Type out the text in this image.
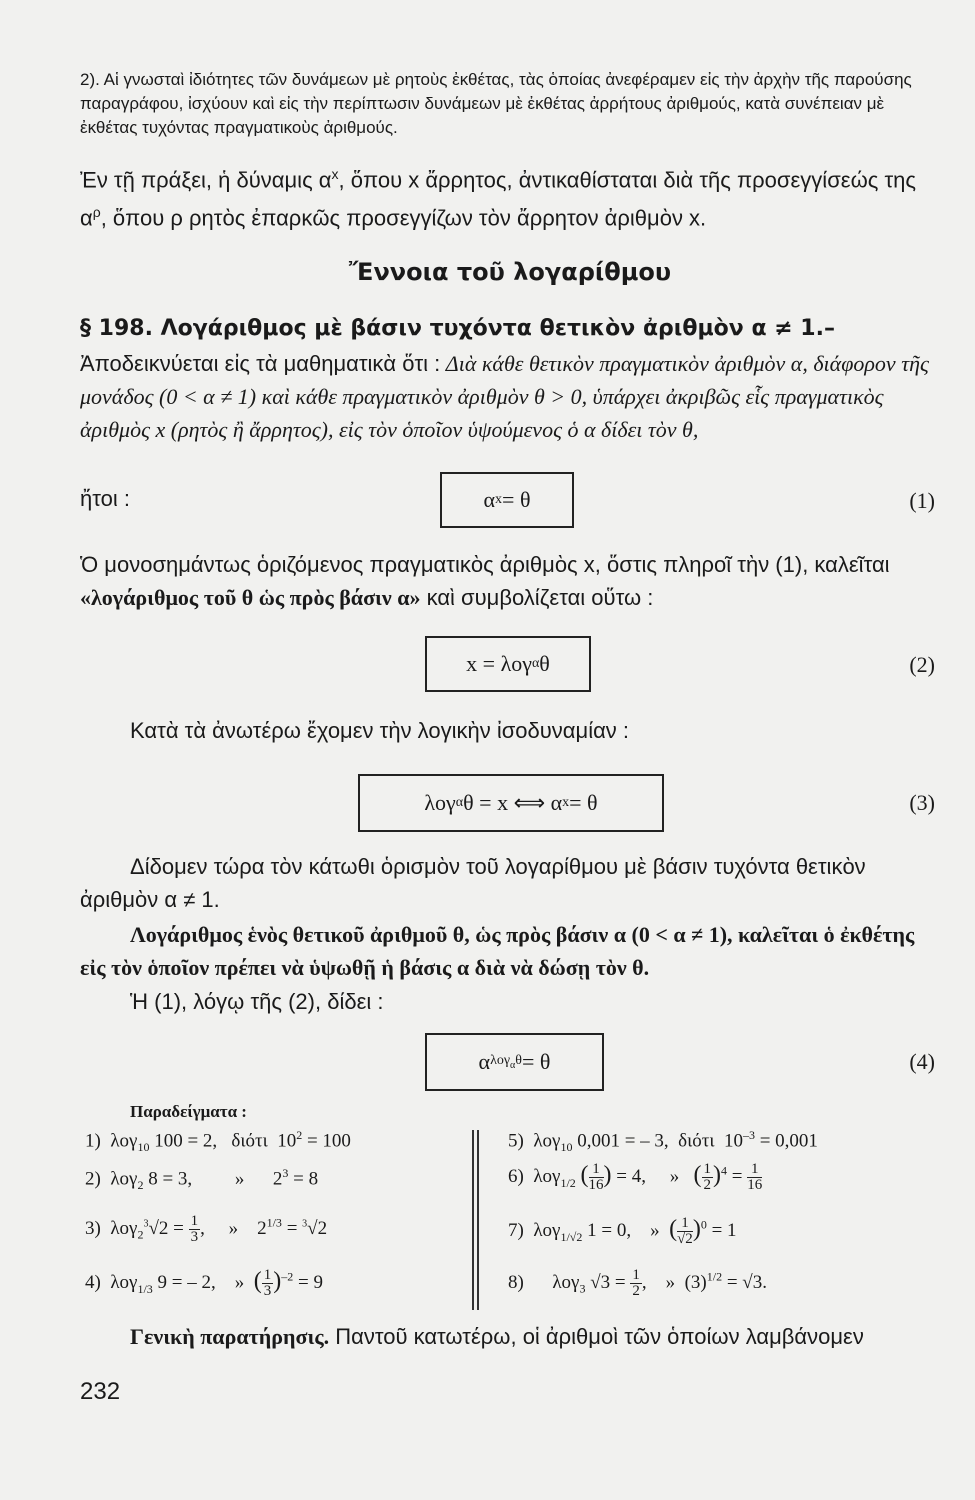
2). Αἱ γνωσταὶ ἰδιότητες τῶν δυνάμεων μὲ ρητοὺς ἐκθέτας, τὰς ὁποίας ἀνεφέραμεν εἰς τὴν ἀρχὴν τῆς παρούσης παραγράφου, ἰσχύουν καὶ εἰς τὴν περίπτωσιν δυνάμεων μὲ ἐκθέτας ἀρρήτους ἀριθμούς, κατὰ συνέπειαν μὲ ἐκθέτας τυχόντας πραγματικοὺς ἀριθμούς.
Ἐν τῇ πράξει, ἡ δύναμις $\alpha^x$, ὅπου x ἄρρητος, ἀντικαθίσταται διὰ τῆς προσεγγίσεώς της $\alpha^\rho$, ὅπου ρ ρητὸς ἐπαρκῶς προσεγγίζων τὸν ἄρρητον ἀριθμὸν x.
Ἔννοια τοῦ λογαρίθμου
§ 198. Λογάριθμος μὲ βάσιν τυχόντα θετικὸν ἀριθμὸν α ≠ 1.–
Ἀποδεικνύεται εἰς τὰ μαθηματικὰ ὅτι : Διὰ κάθε θετικὸν πραγματικὸν ἀριθμὸν α, διάφορον τῆς μονάδος (0 < α ≠ 1) καὶ κάθε πραγματικὸν ἀριθμὸν θ > 0, ὑπάρχει ἀκριβῶς εἷς πραγματικὸς ἀριθμὸς x (ρητὸς ἢ ἄρρητος), εἰς τὸν ὁποῖον ὑψούμενος ὁ α δίδει τὸν θ,
ἤτοι :	α x = θ	(1)
Ὁ μονοσημάντως ὁριζόμενος πραγματικὸς ἀριθμὸς x, ὅστις πληροῖ τὴν (1), καλεῖται «λογάριθμος τοῦ θ ὡς πρὸς βάσιν α» καὶ συμβολίζεται οὕτω :
x = λογ α θ	(2)
Κατὰ τὰ ἀνωτέρω ἔχομεν τὴν λογικὴν ἰσοδυναμίαν :
λογ α θ = x ⟺ α x = θ	(3)
Δίδομεν τώρα τὸν κάτωθι ὁρισμὸν τοῦ λογαρίθμου μὲ βάσιν τυχόντα θετικὸν ἀριθμὸν α ≠ 1.
Λογάριθμος ἑνὸς θετικοῦ ἀριθμοῦ θ, ὡς πρὸς βάσιν α (0 < α ≠ 1), καλεῖται ὁ ἐκθέτης εἰς τὸν ὁποῖον πρέπει νὰ ὑψωθῇ ἡ βάσις α διὰ νὰ δώσῃ τὸν θ.
Ἡ (1), λόγῳ τῆς (2), δίδει :
α λογ$_\alpha$θ = θ	(4)
Παραδείγματα :
1) λογ$_{10}$ 100 = 2, διότι $10^2 = 100$
2) λογ$_2$ 8 = 3, » $2^3 = 8$
3) $\lambda o\gamma_2^3√2 = \frac{1}{3}$ , » $2^{1/3} = ^3√2$
4) λογ$_{1/3}$ 9 = – 2, » ( $\frac{1}{3} )^{-2} = 9$
5) λογ$_{10}$ 0,001 = – 3, διότι $10^{-3} = 0,001$
6) λογ$_{1/2}$ ( $\frac{1}{16}$ ) = 4, » ( $\frac{1}{2} )^4 = \frac{1}{16}$
7) λογ$_{1/√2}$ 1 = 0, » ( $\frac{1}{√2} )^0 = 1$
8) λογ$_3$ $√3 = \frac{1}{2}$ , » $(3)^{1/2} = √3$.
Γενικὴ παρατήρησις. Παντοῦ κατωτέρω, οἱ ἀριθμοὶ τῶν ὁποίων λαμβάνομεν
232
